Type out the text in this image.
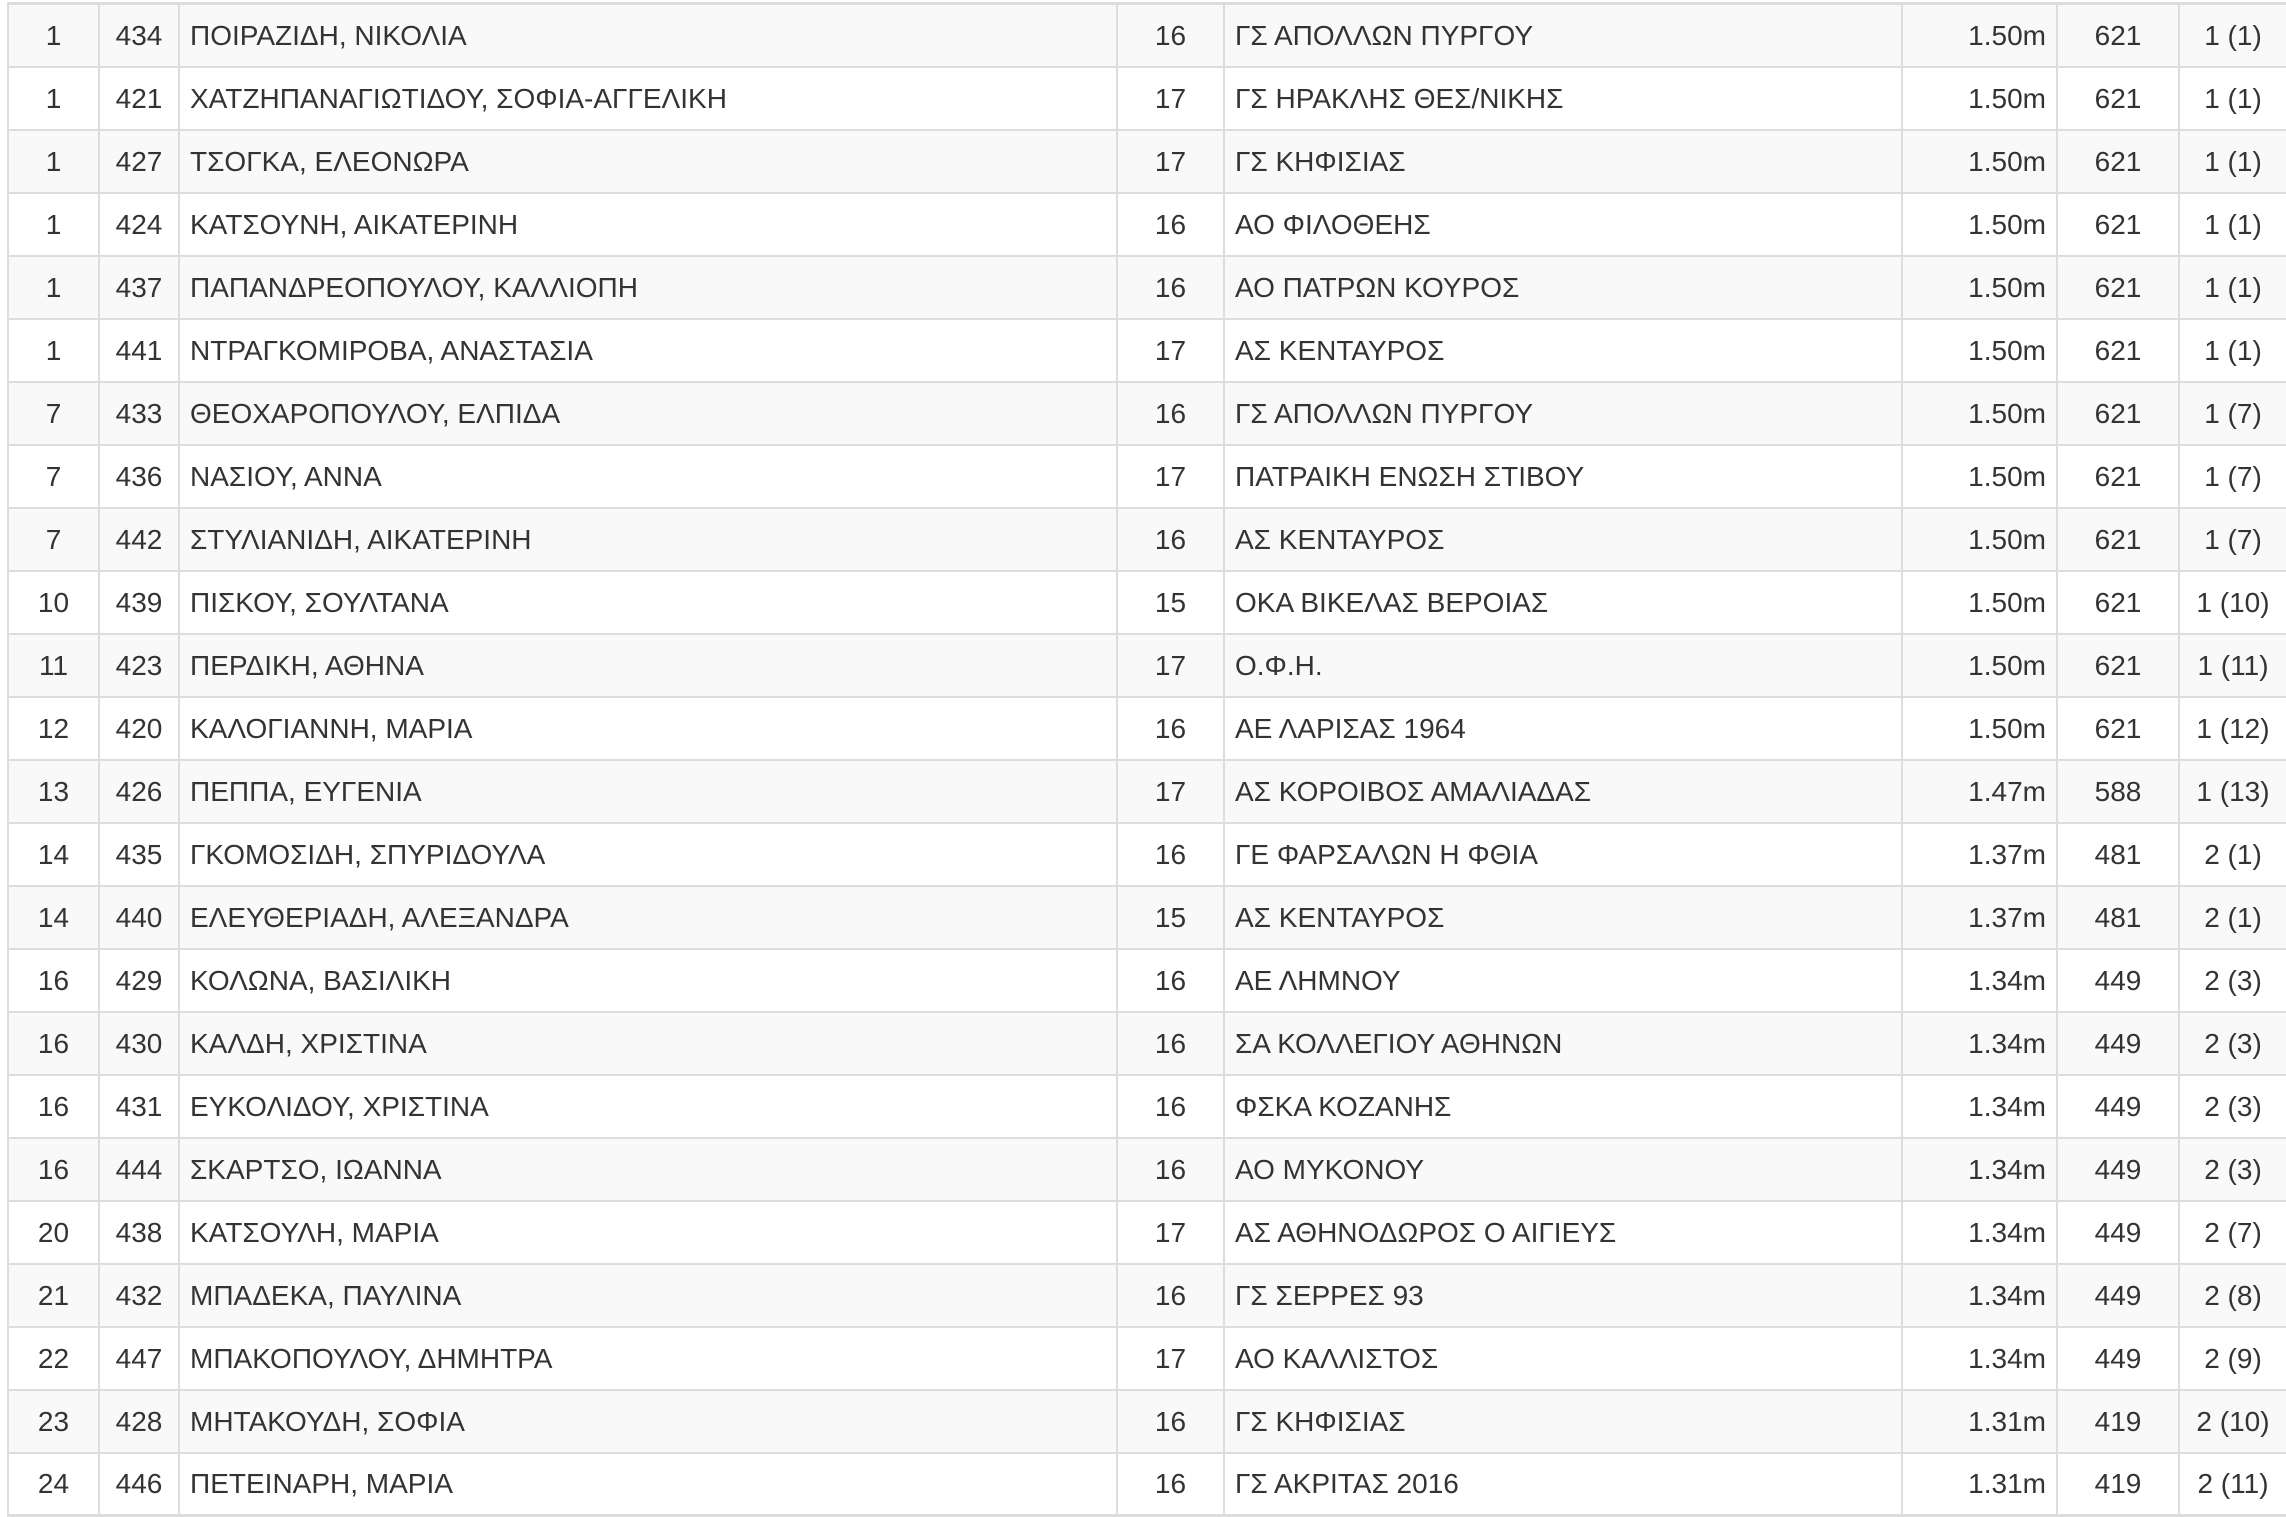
1	434	ΠΟΙΡΑΖΙΔΗ, ΝΙΚΟΛΙΑ	16	ΓΣ ΑΠΟΛΛΩΝ ΠΥΡΓΟΥ	1.50m	621	1 (1)
1	421	ΧΑΤΖΗΠΑΝΑΓΙΩΤΙΔΟΥ, ΣΟΦΙΑ-ΑΓΓΕΛΙΚΗ	17	ΓΣ ΗΡΑΚΛΗΣ ΘΕΣ/ΝΙΚΗΣ	1.50m	621	1 (1)
1	427	ΤΣΟΓΚΑ, ΕΛΕΟΝΩΡΑ	17	ΓΣ ΚΗΦΙΣΙΑΣ	1.50m	621	1 (1)
1	424	ΚΑΤΣΟΥΝΗ, ΑΙΚΑΤΕΡΙΝΗ	16	ΑΟ ΦΙΛΟΘΕΗΣ	1.50m	621	1 (1)
1	437	ΠΑΠΑΝΔΡΕΟΠΟΥΛΟΥ, ΚΑΛΛΙΟΠΗ	16	ΑΟ ΠΑΤΡΩΝ ΚΟΥΡΟΣ	1.50m	621	1 (1)
1	441	ΝΤΡΑΓΚΟΜΙΡΟΒΑ, ΑΝΑΣΤΑΣΙΑ	17	ΑΣ ΚΕΝΤΑΥΡΟΣ	1.50m	621	1 (1)
7	433	ΘΕΟΧΑΡΟΠΟΥΛΟΥ, ΕΛΠΙΔΑ	16	ΓΣ ΑΠΟΛΛΩΝ ΠΥΡΓΟΥ	1.50m	621	1 (7)
7	436	ΝΑΣΙΟΥ, ΑΝΝΑ	17	ΠΑΤΡΑΙΚΗ ΕΝΩΣΗ ΣΤΙΒΟΥ	1.50m	621	1 (7)
7	442	ΣΤΥΛΙΑΝΙΔΗ, ΑΙΚΑΤΕΡΙΝΗ	16	ΑΣ ΚΕΝΤΑΥΡΟΣ	1.50m	621	1 (7)
10	439	ΠΙΣΚΟΥ, ΣΟΥΛΤΑΝΑ	15	ΟΚΑ ΒΙΚΕΛΑΣ ΒΕΡΟΙΑΣ	1.50m	621	1 (10)
11	423	ΠΕΡΔΙΚΗ, ΑΘΗΝΑ	17	Ο.Φ.Η.	1.50m	621	1 (11)
12	420	ΚΑΛΟΓΙΑΝΝΗ, ΜΑΡΙΑ	16	ΑΕ ΛΑΡΙΣΑΣ 1964	1.50m	621	1 (12)
13	426	ΠΕΠΠΑ, ΕΥΓΕΝΙΑ	17	ΑΣ ΚΟΡΟΙΒΟΣ ΑΜΑΛΙΑΔΑΣ	1.47m	588	1 (13)
14	435	ΓΚΟΜΟΣΙΔΗ, ΣΠΥΡΙΔΟΥΛΑ	16	ΓΕ ΦΑΡΣΑΛΩΝ Η ΦΘΙΑ	1.37m	481	2 (1)
14	440	ΕΛΕΥΘΕΡΙΑΔΗ, ΑΛΕΞΑΝΔΡΑ	15	ΑΣ ΚΕΝΤΑΥΡΟΣ	1.37m	481	2 (1)
16	429	ΚΟΛΩΝΑ, ΒΑΣΙΛΙΚΗ	16	ΑΕ ΛΗΜΝΟΥ	1.34m	449	2 (3)
16	430	ΚΑΛΔΗ, ΧΡΙΣΤΙΝΑ	16	ΣΑ ΚΟΛΛΕΓΙΟΥ ΑΘΗΝΩΝ	1.34m	449	2 (3)
16	431	ΕΥΚΟΛΙΔΟΥ, ΧΡΙΣΤΙΝΑ	16	ΦΣΚΑ ΚΟΖΑΝΗΣ	1.34m	449	2 (3)
16	444	ΣΚΑΡΤΣΟ, ΙΩΑΝΝΑ	16	ΑΟ ΜΥΚΟΝΟΥ	1.34m	449	2 (3)
20	438	ΚΑΤΣΟΥΛΗ, ΜΑΡΙΑ	17	ΑΣ ΑΘΗΝΟΔΩΡΟΣ Ο ΑΙΓΙΕΥΣ	1.34m	449	2 (7)
21	432	ΜΠΑΔΕΚΑ, ΠΑΥΛΙΝΑ	16	ΓΣ ΣΕΡΡΕΣ 93	1.34m	449	2 (8)
22	447	ΜΠΑΚΟΠΟΥΛΟΥ, ΔΗΜΗΤΡΑ	17	ΑΟ ΚΑΛΛΙΣΤΟΣ	1.34m	449	2 (9)
23	428	ΜΗΤΑΚΟΥΔΗ, ΣΟΦΙΑ	16	ΓΣ ΚΗΦΙΣΙΑΣ	1.31m	419	2 (10)
24	446	ΠΕΤΕΙΝΑΡΗ, ΜΑΡΙΑ	16	ΓΣ ΑΚΡΙΤΑΣ 2016	1.31m	419	2 (11)
